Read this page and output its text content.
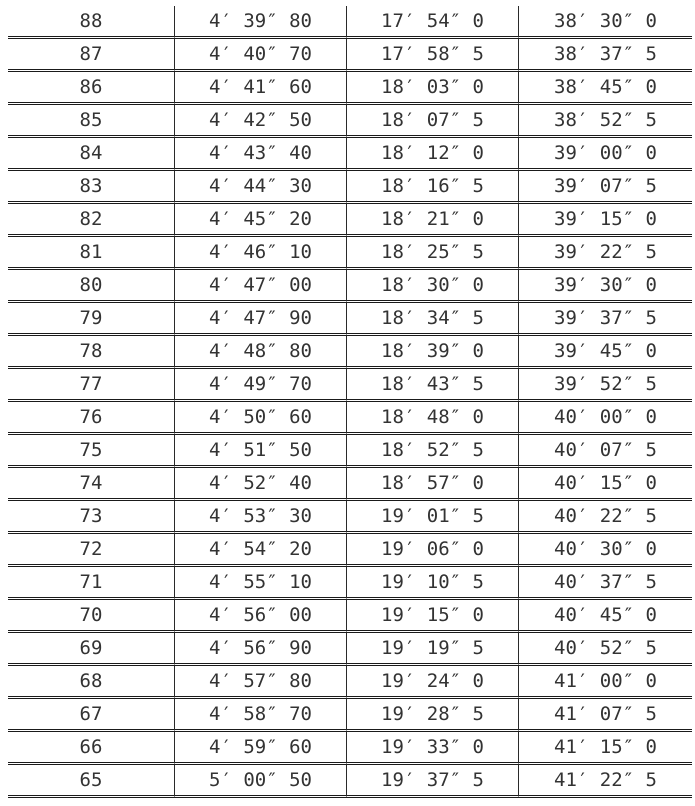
88	4′ 39″ 80	17′ 54″ 0	38′ 30″ 0
87	4′ 40″ 70	17′ 58″ 5	38′ 37″ 5
86	4′ 41″ 60	18′ 03″ 0	38′ 45″ 0
85	4′ 42″ 50	18′ 07″ 5	38′ 52″ 5
84	4′ 43″ 40	18′ 12″ 0	39′ 00″ 0
83	4′ 44″ 30	18′ 16″ 5	39′ 07″ 5
82	4′ 45″ 20	18′ 21″ 0	39′ 15″ 0
81	4′ 46″ 10	18′ 25″ 5	39′ 22″ 5
80	4′ 47″ 00	18′ 30″ 0	39′ 30″ 0
79	4′ 47″ 90	18′ 34″ 5	39′ 37″ 5
78	4′ 48″ 80	18′ 39″ 0	39′ 45″ 0
77	4′ 49″ 70	18′ 43″ 5	39′ 52″ 5
76	4′ 50″ 60	18′ 48″ 0	40′ 00″ 0
75	4′ 51″ 50	18′ 52″ 5	40′ 07″ 5
74	4′ 52″ 40	18′ 57″ 0	40′ 15″ 0
73	4′ 53″ 30	19′ 01″ 5	40′ 22″ 5
72	4′ 54″ 20	19′ 06″ 0	40′ 30″ 0
71	4′ 55″ 10	19′ 10″ 5	40′ 37″ 5
70	4′ 56″ 00	19′ 15″ 0	40′ 45″ 0
69	4′ 56″ 90	19′ 19″ 5	40′ 52″ 5
68	4′ 57″ 80	19′ 24″ 0	41′ 00″ 0
67	4′ 58″ 70	19′ 28″ 5	41′ 07″ 5
66	4′ 59″ 60	19′ 33″ 0	41′ 15″ 0
65	5′ 00″ 50	19′ 37″ 5	41′ 22″ 5
